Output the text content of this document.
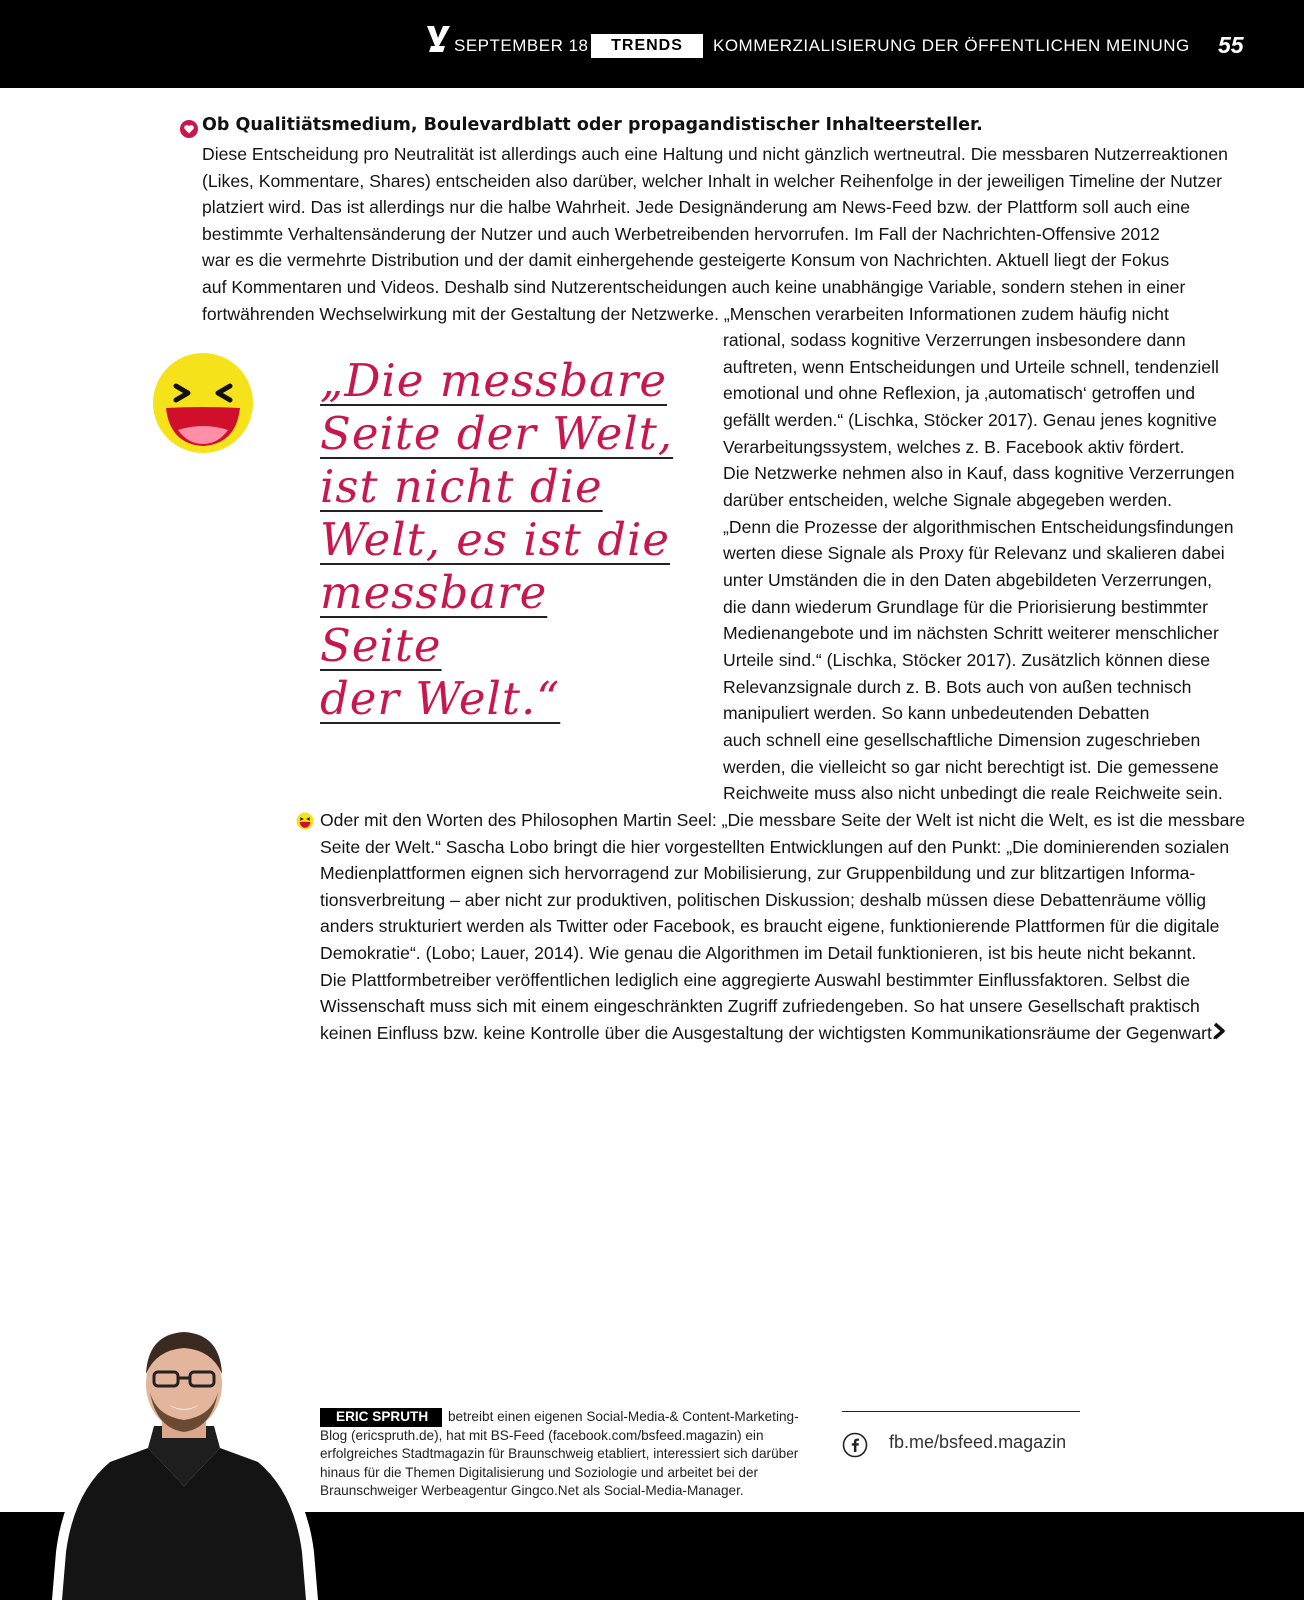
SEPTEMBER 18	TRENDS	KOMMERZIALISIERUNG DER ÖFFENTLICHEN MEINUNG 55

Ob Qualitiätsmedium, Boulevardblatt oder propagandistischer Inhalteersteller.

Diese Entscheidung pro Neutralität ist allerdings auch eine Haltung und nicht gänzlich wertneutral. Die messbaren Nutzerreaktionen

(Likes, Kommentare, Shares) entscheiden also darüber, welcher Inhalt in welcher Reihenfolge in der jeweiligen Timeline der Nutzer

platziert wird. Das ist allerdings nur die halbe Wahrheit. Jede Designänderung am News-Feed bzw. der Plattform soll auch eine

bestimmte Verhaltensänderung der Nutzer und auch Werbetreibenden hervorrufen. Im Fall der Nachrichten-Offensive 2012

war es die vermehrte Distribution und der damit einhergehende gesteigerte Konsum von Nachrichten. Aktuell liegt der Fokus

auf Kommentaren und Videos. Deshalb sind Nutzerentscheidungen auch keine unabhängige Variable, sondern stehen in einer

fortwährenden Wechselwirkung mit der Gestaltung der Netzwerke. „Menschen verarbeiten Informationen zudem häufig nicht

„Die messbare
Seite der Welt,
ist nicht die
Welt, es ist die
messbare Seite
der Welt.“

rational, sodass kognitive Verzerrungen insbesondere dann

auftreten, wenn Entscheidungen und Urteile schnell, tendenziell

emotional und ohne Reflexion, ja ‚automatisch‘ getroffen und

gefällt werden.“ (Lischka, Stöcker 2017). Genau jenes kognitive

Verarbeitungssystem, welches z. B. Facebook aktiv fördert.

Die Netzwerke nehmen also in Kauf, dass kognitive Verzerrungen

darüber entscheiden, welche Signale abgegeben werden.

„Denn die Prozesse der algorithmischen Entscheidungsfindungen

werten diese Signale als Proxy für Relevanz und skalieren dabei

unter Umständen die in den Daten abgebildeten Verzerrungen,

die dann wiederum Grundlage für die Priorisierung bestimmter

Medienangebote und im nächsten Schritt weiterer menschlicher

Urteile sind.“ (Lischka, Stöcker 2017). Zusätzlich können diese

Relevanzsignale durch z. B. Bots auch von außen technisch

manipuliert werden. So kann unbedeutenden Debatten

auch schnell eine gesellschaftliche Dimension zugeschrieben

werden, die vielleicht so gar nicht berechtigt ist. Die gemessene

Reichweite muss also nicht unbedingt die reale Reichweite sein.

Oder mit den Worten des Philosophen Martin Seel: „Die messbare Seite der Welt ist nicht die Welt, es ist die messbare

Seite der Welt.“ Sascha Lobo bringt die hier vorgestellten Entwicklungen auf den Punkt: „Die dominierenden sozialen

Medienplattformen eignen sich hervorragend zur Mobilisierung, zur Gruppenbildung und zur blitzartigen Informa-

tionsverbreitung – aber nicht zur produktiven, politischen Diskussion; deshalb müssen diese Debattenräume völlig

anders strukturiert werden als Twitter oder Facebook, es braucht eigene, funktionierende Plattformen für die digitale

Demokratie“. (Lobo; Lauer, 2014). Wie genau die Algorithmen im Detail funktionieren, ist bis heute nicht bekannt.

Die Plattformbetreiber veröffentlichen lediglich eine aggregierte Auswahl bestimmter Einflussfaktoren. Selbst die

Wissenschaft muss sich mit einem eingeschränkten Zugriff zufriedengeben. So hat unsere Gesellschaft praktisch

keinen Einfluss bzw. keine Kontrolle über die Ausgestaltung der wichtigsten Kommunikationsräume der Gegenwart.

ERIC SPRUTH betreibt einen eigenen Social-Media-& Content-Marketing-
Blog (ericspruth.de), hat mit BS-Feed (facebook.com/bsfeed.magazin) ein
erfolgreiches Stadtmagazin für Braunschweig etabliert, interessiert sich darüber
hinaus für die Themen Digitalisierung und Soziologie und arbeitet bei der
Braunschweiger Werbeagentur Gingco.Net als Social-Media-Manager.

fb.me/bsfeed.magazin
